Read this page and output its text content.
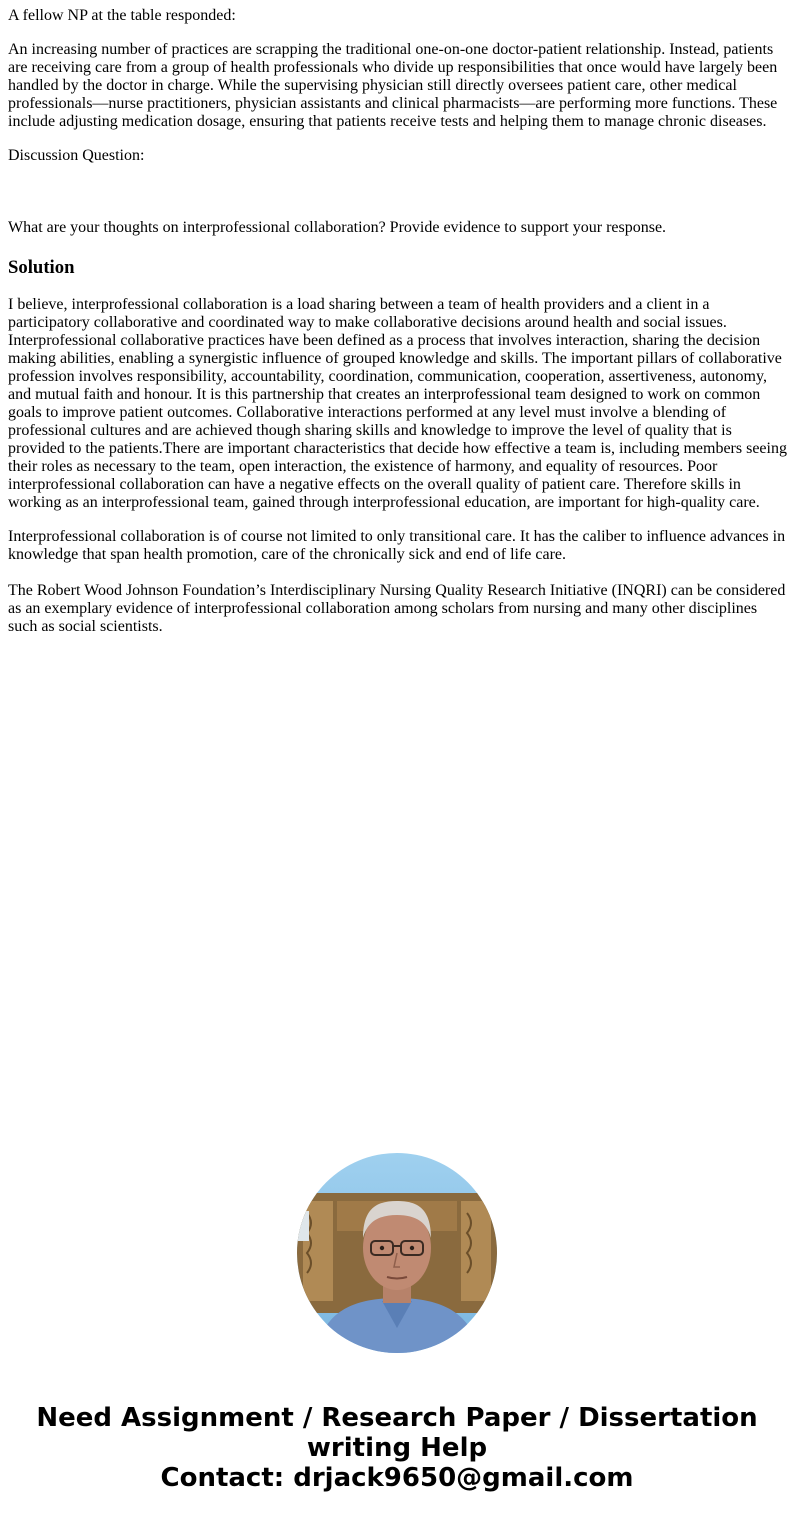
A fellow NP at the table responded:

An increasing number of practices are scrapping the traditional one-on-one doctor-patient relationship. Instead, patients are receiving care from a group of health professionals who divide up responsibilities that once would have largely been handled by the doctor in charge. While the supervising physician still directly oversees patient care, other medical professionals—nurse practitioners, physician assistants and clinical pharmacists—are performing more functions. These include adjusting medication dosage, ensuring that patients receive tests and helping them to manage chronic diseases.

Discussion Question:

What are your thoughts on interprofessional collaboration? Provide evidence to support your response.

Solution

I believe, interprofessional collaboration is a load sharing between a team of health providers and a client in a participatory collaborative and coordinated way to make collaborative decisions around health and social issues. Interprofessional collaborative practices have been defined as a process that involves interaction, sharing the decision making abilities, enabling a synergistic influence of grouped knowledge and skills. The important pillars of collaborative profession involves responsibility, accountability, coordination, communication, cooperation, assertiveness, autonomy, and mutual faith and honour. It is this partnership that creates an interprofessional team designed to work on common goals to improve patient outcomes. Collaborative interactions performed at any level must involve a blending of professional cultures and are achieved though sharing skills and knowledge to improve the level of quality that is provided to the patients.There are important characteristics that decide how effective a team is, including members seeing their roles as necessary to the team, open interaction, the existence of harmony, and equality of resources. Poor interprofessional collaboration can have a negative effects on the overall quality of patient care. Therefore skills in working as an interprofessional team, gained through interprofessional education, are important for high-quality care.

Interprofessional collaboration is of course not limited to only transitional care. It has the caliber to influence advances in knowledge that span health promotion, care of the chronically sick and end of life care.

The Robert Wood Johnson Foundation’s Interdisciplinary Nursing Quality Research Initiative (INQRI) can be considered as an exemplary evidence of interprofessional collaboration among scholars from nursing and many other disciplines such as social scientists.

Need Assignment / Research Paper / Dissertation
writing Help
Contact: drjack9650@gmail.com
